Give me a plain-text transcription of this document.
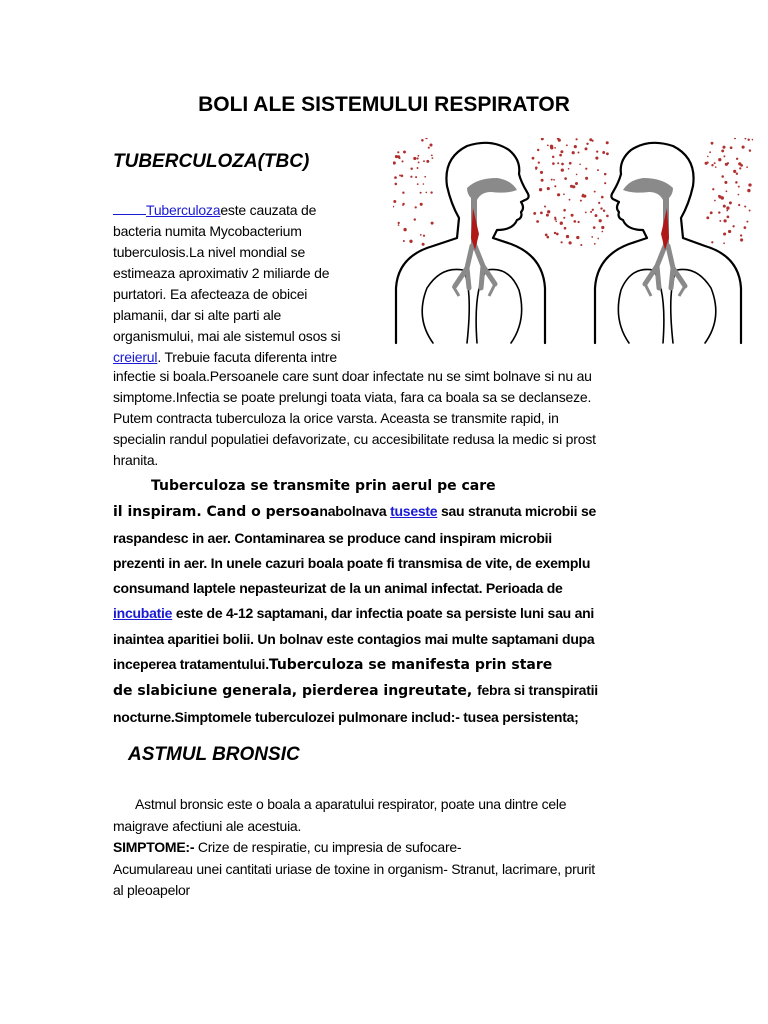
BOLI ALE SISTEMULUI RESPIRATOR
TUBERCULOZA(TBC)
Tuberculozaeste cauzata de
bacteria numita Mycobacterium
tuberculosis.La nivel mondial se
estimeaza aproximativ 2 miliarde de
purtatori. Ea afecteaza de obicei
plamanii, dar si alte parti ale
organismului, mai ale sistemul osos si
creierul. Trebuie facuta diferenta intre
infectie si boala.Persoanele care sunt doar infectate nu se simt bolnave si nu au
simptome.Infectia se poate prelungi toata viata, fara ca boala sa se declanseze.
Putem contracta tuberculoza la orice varsta. Aceasta se transmite rapid, in
specialin randul populatiei defavorizate, cu accesibilitate redusa la medic si prost
hranita.
Tuberculoza se transmite prin aerul pe care
il inspiram. Cand o persoanabolnava tuseste sau stranuta microbii se
raspandesc in aer. Contaminarea se produce cand inspiram microbii
prezenti in aer. In unele cazuri boala poate fi transmisa de vite, de exemplu
consumand laptele nepasteurizat de la un animal infectat. Perioada de
incubatie este de 4-12 saptamani, dar infectia poate sa persiste luni sau ani
inaintea aparitiei bolii. Un bolnav este contagios mai multe saptamani dupa
inceperea tratamentului.Tuberculoza se manifesta prin stare
de slabiciune generala, pierderea ingreutate, febra si transpiratii
nocturne.Simptomele tuberculozei pulmonare includ:- tusea persistenta;
ASTMUL BRONSIC
Astmul bronsic este o boala a aparatului respirator, poate una dintre cele
maigrave afectiuni ale acestuia.
SIMPTOME:- Crize de respiratie, cu impresia de sufocare-
Acumulareau unei cantitati uriase de toxine in organism- Stranut, lacrimare, prurit
al pleoapelor
